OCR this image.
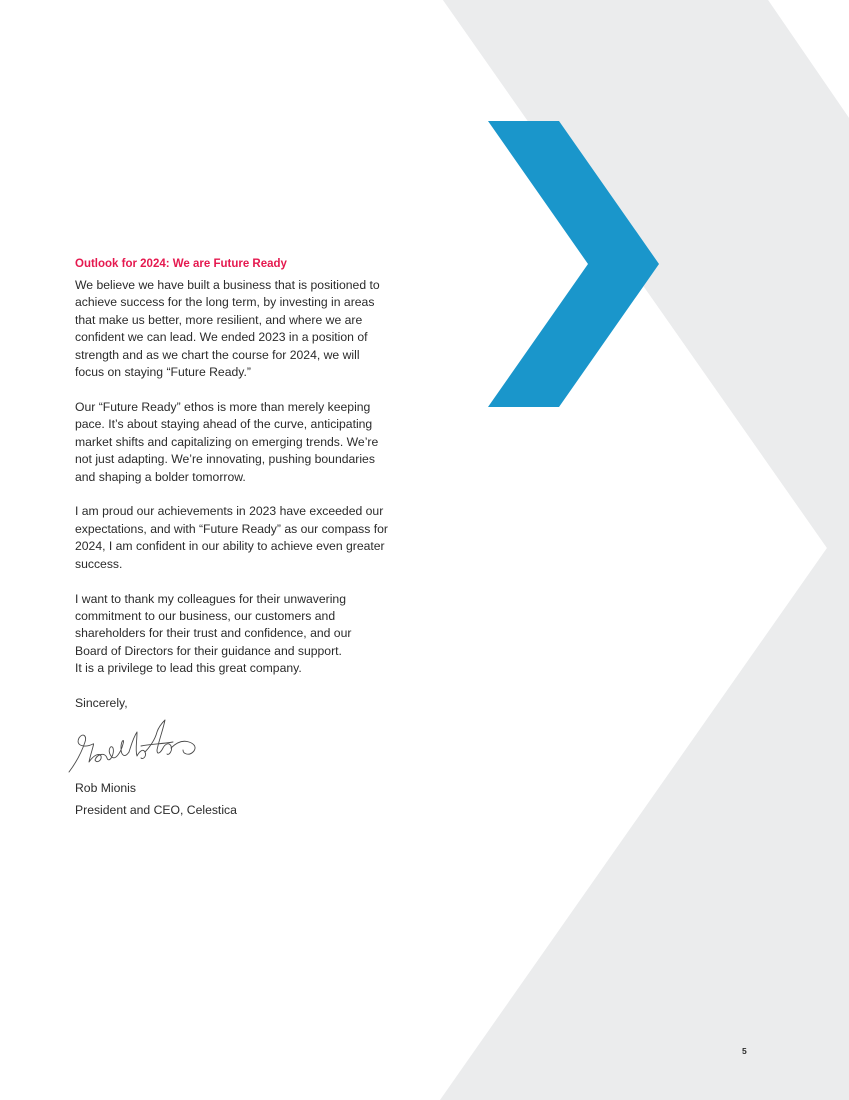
Outlook for 2024: We are Future Ready

We believe we have built a business that is positioned to
achieve success for the long term, by investing in areas
that make us better, more resilient, and where we are
confident we can lead. We ended 2023 in a position of
strength and as we chart the course for 2024, we will
focus on staying “Future Ready.”

Our “Future Ready” ethos is more than merely keeping
pace. It’s about staying ahead of the curve, anticipating
market shifts and capitalizing on emerging trends. We’re
not just adapting. We’re innovating, pushing boundaries
and shaping a bolder tomorrow.

I am proud our achievements in 2023 have exceeded our
expectations, and with “Future Ready” as our compass for
2024, I am confident in our ability to achieve even greater
success.

I want to thank my colleagues for their unwavering
commitment to our business, our customers and
shareholders for their trust and confidence, and our
Board of Directors for their guidance and support.
It is a privilege to lead this great company.

Sincerely,

Rob Mionis

President and CEO, Celestica

5
